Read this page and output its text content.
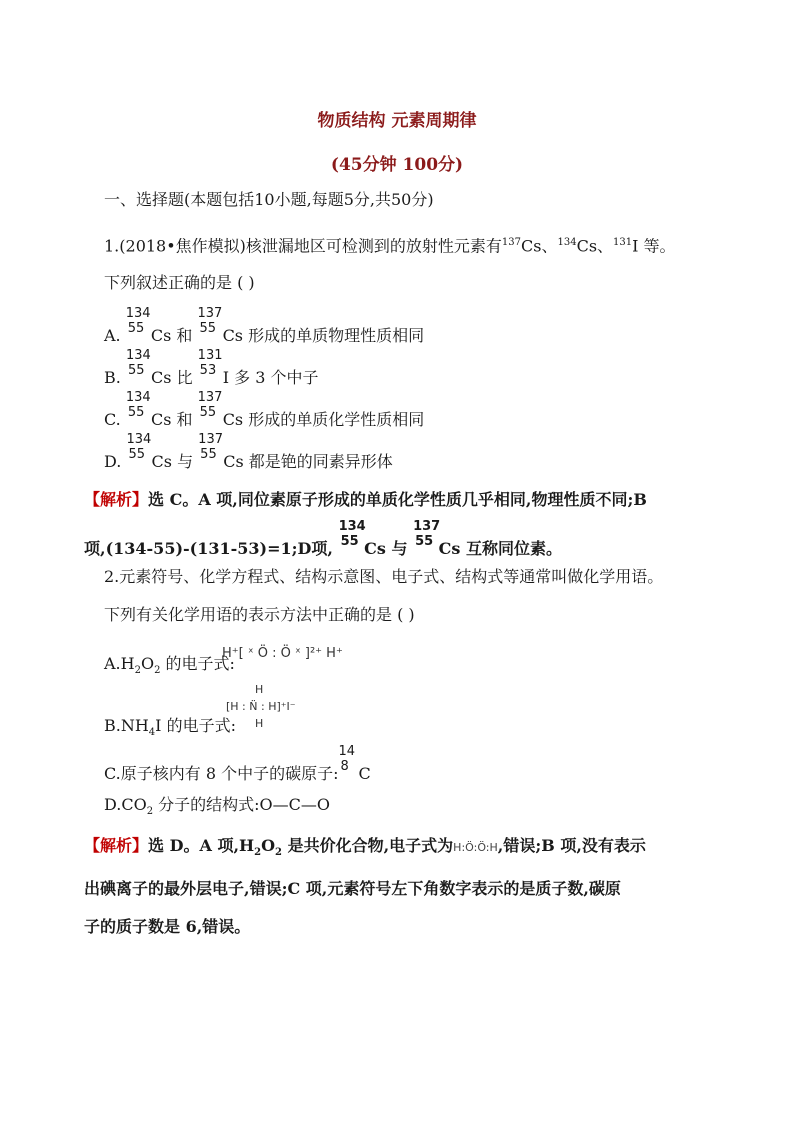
物质结构 元素周期律
(45分钟 100分)
一、选择题(本题包括10小题,每题5分,共50分)
1.(2018•焦作模拟)核泄漏地区可检测到的放射性元素有$^{137}$Cs、$^{134}$Cs、$^{131}$I 等。
下列叙述正确的是 ( )
A.
134
55 Cs 和
137
55 Cs 形成的单质物理性质相同
B.
134
55 Cs 比
131
53 I 多 3 个中子
C.
134
55 Cs 和
137
55 Cs 形成的单质化学性质相同
D.
134
55 Cs 与
137
55 Cs 都是铯的同素异形体
【解析】选 C。A 项,同位素原子形成的单质化学性质几乎相同,物理性质不同;B
项,(134-55)-(131-53)=1;D项,
134
55 Cs 与
137
55 Cs 互称同位素。
2.元素符号、化学方程式、结构示意图、电子式、结构式等通常叫做化学用语。
下列有关化学用语的表示方法中正确的是 ( )
$A.H_2O_2$ 的电子式:
H⁺[ ˣ Ö : Ö ˣ ]²⁺ H⁺
$B.NH_4I$ 的电子式:
H
[H : N̈ : H]⁺I⁻
H
C.原子核内有 8 个中子的碳原子:
14
8 C
$D.CO_2$ 分子的结构式:O—C—O
【解析】选 D。A 项$,H_2O_2$ 是共价化合物,电子式为H:Ö:Ö:H,错误;B 项,没有表示
出碘离子的最外层电子,错误;C 项,元素符号左下角数字表示的是质子数,碳原
子的质子数是 6,错误。
